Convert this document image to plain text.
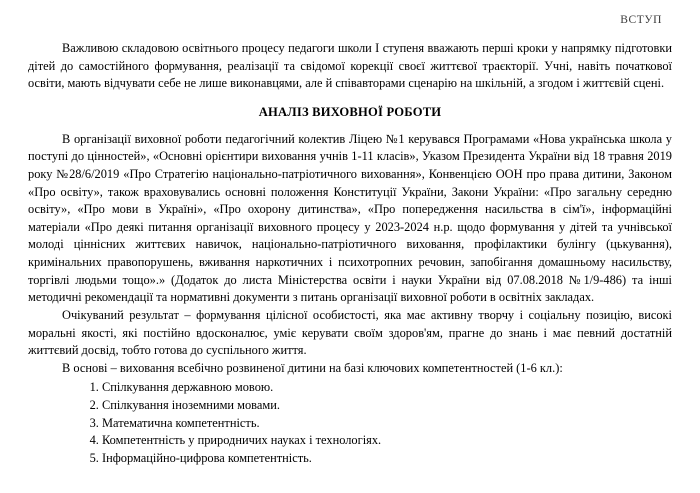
ВСТУП

Важливою складовою освітнього процесу педагоги школи І ступеня вважають перші кроки у напрямку підготовки дітей до самостійного формування, реалізації та свідомої корекції своєї життєвої траєкторії. Учні, навіть початкової освіти, мають відчувати себе не лише виконавцями, але й співавторами сценарію на шкільній, а згодом і життєвій сцені.

АНАЛІЗ ВИХОВНОЇ РОБОТИ

В організації виховної роботи педагогічний колектив Ліцею №1 керувався Програмами «Нова українська школа у поступі до цінностей», «Основні орієнтири виховання учнів 1-11 класів», Указом Президента України від 18 травня 2019 року №28/6/2019 «Про Стратегію національно-патріотичного виховання», Конвенцією ООН про права дитини, Законом «Про освіту», також враховувались основні положення Конституції України, Закони України: «Про загальну середню освіту», «Про мови в Україні», «Про охорону дитинства», «Про попередження насильства в сім'ї», інформаційні матеріали «Про деякі питання організації виховного процесу у 2023-2024 н.р. щодо формування у дітей та учнівської молоді ціннісних життєвих навичок, національно-патріотичного виховання, профілактики булінгу (цькування), кримінальних правопорушень, вживання наркотичних і психотропних речовин, запобігання домашньому насильству, торгівлі людьми тощо».» (Додаток до листа Міністерства освіти і науки України від 07.08.2018 №1/9-486) та інші методичні рекомендації та нормативні документи з питань організації виховної роботи в освітніх закладах.

Очікуваний результат – формування цілісної особистості, яка має активну творчу і соціальну позицію, високі моральні якості, які постійно вдосконалює, уміє керувати своїм здоров'ям, прагне до знань і має певний достатній життєвий досвід, тобто готова до суспільного життя.

В основі – виховання всебічно розвиненої дитини на базі ключових компетентностей (1-6 кл.):

1. Спілкування державною мовою.
2. Спілкування іноземними мовами.
3. Математична компетентність.
4. Компетентність у природничих науках і технологіях.
5. Інформаційно-цифрова компетентність.
